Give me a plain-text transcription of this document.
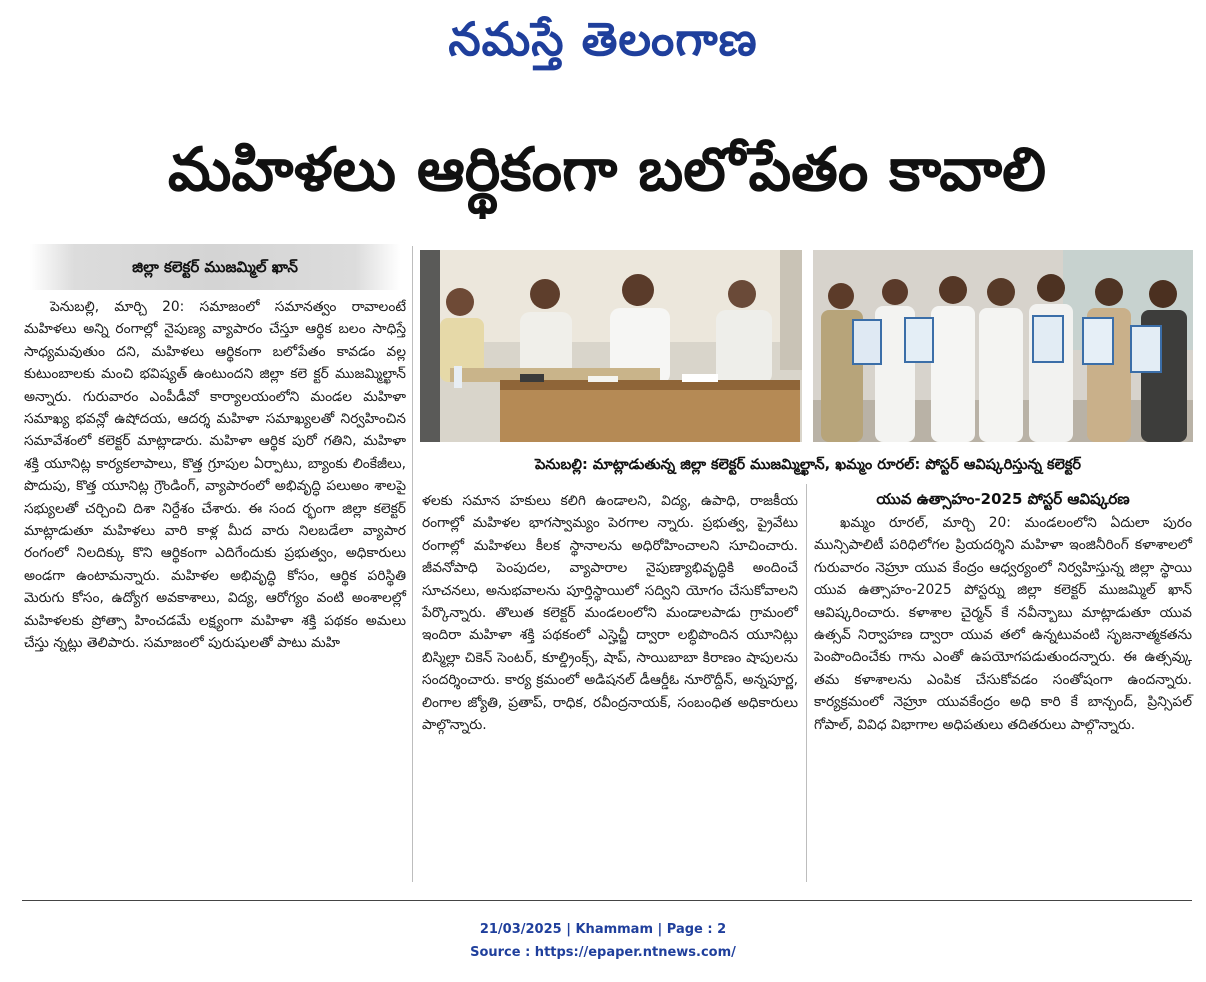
నమస్తే తెలంగాణ
మహిళలు ఆర్థికంగా బలోపేతం కావాలి
జిల్లా కలెక్టర్ ముజమ్మిల్ ఖాన్
పెనుబల్లి, మార్చి 20: సమాజంలో సమానత్వం రావాలంటే మహిళలు అన్ని రంగాల్లో నైపుణ్య వ్యాపారం చేస్తూ ఆర్థిక బలం సాధిస్తే సాధ్యమవుతుం దని, మహిళలు ఆర్థికంగా బలోపేతం కావడం వల్ల కుటుంబాలకు మంచి భవిష్యత్ ఉంటుందని జిల్లా కలె క్టర్ ముజమ్మిల్ఖాన్ అన్నారు. గురువారం ఎంపీడీవో కార్యాలయంలోని మండల మహిళా సమాఖ్య భవన్లో ఉషోదయ, ఆదర్శ మహిళా సమాఖ్యలతో నిర్వహించిన సమావేశంలో కలెక్టర్ మాట్లాడారు. మహిళా ఆర్థిక పురో గతిని, మహిళా శక్తి యూనిట్ల కార్యకలాపాలు, కొత్త గ్రూపుల ఏర్పాటు, బ్యాంకు లింకేజీలు, పొదుపు, కొత్త యూనిట్ల గ్రౌండింగ్, వ్యాపారంలో అభివృద్ధి పలుఅం శాలపై సభ్యులతో చర్చించి దిశా నిర్దేశం చేశారు. ఈ సంద ర్భంగా జిల్లా కలెక్టర్ మాట్లాడుతూ మహిళలు వారి కాళ్ల మీద వారు నిలబడేలా వ్యాపార రంగంలో నిలదిక్కు కొని ఆర్థికంగా ఎదిగేందుకు ప్రభుత్వం, అధికారులు అండగా ఉంటామన్నారు. మహిళల అభివృద్ధి కోసం, ఆర్థిక పరిస్థితి మెరుగు కోసం, ఉద్యోగ అవకాశాలు, విద్య, ఆరోగ్యం వంటి అంశాలల్లో మహిళలకు ప్రోత్సా హించడమే లక్ష్యంగా మహిళా శక్తి పథకం అమలు చేస్తు న్నట్లు తెలిపారు. సమాజంలో పురుషులతో పాటు మహి
పెనుబల్లి: మాట్లాడుతున్న జిల్లా కలెక్టర్ ముజమ్మిల్ఖాన్, ఖమ్మం రూరల్: పోస్టర్ ఆవిష్కరిస్తున్న కలెక్టర్
ళలకు సమాన హకులు కలిగి ఉండాలని, విద్య, ఉపాధి, రాజకీయ రంగాల్లో మహిళల భాగస్వామ్యం పెరగాల న్నారు. ప్రభుత్వ, ప్రైవేటు రంగాల్లో మహిళలు కీలక స్థానాలను అధిరోహించాలని సూచించారు. జీవనోపాధి పెంపుదల, వ్యాపారాల నైపుణ్యాభివృద్ధికి అందించే సూచనలు, అనుభవాలను పూర్తిస్థాయిలో సద్విని యోగం చేసుకోవాలని పేర్కొన్నారు. తొలుత కలెక్టర్ మండలంలోని మండాలపాడు గ్రామంలో ఇందిరా మహిళా శక్తి పథకంలో ఎస్హెచ్జీ ద్వారా లబ్ధిపొందిన యూనిట్లు బిస్మిల్లా చికెన్ సెంటర్, కూల్డ్రింక్స్, షాప్, సాయిబాబా కిరాణం షాపులను సందర్శించారు. కార్య క్రమంలో అడిషనల్ డీఆర్డీఓ నూరొద్దీన్, అన్నపూర్ణ, లింగాల జ్యోతి, ప్రతాప్, రాధిక, రవీంద్రనాయక్, సంబంధిత అధికారులు పాల్గొన్నారు.
యువ ఉత్సాహం-2025 పోస్టర్ ఆవిష్కరణ
ఖమ్మం రూరల్, మార్చి 20: మండలంలోని ఏదులా పురం మున్సిపాలిటీ పరిధిలోగల ప్రియదర్శిని మహిళా ఇంజినీరింగ్ కళాశాలలో గురువారం నెహ్రూ యువ కేంద్రం ఆధ్వర్యంలో నిర్వహిస్తున్న జిల్లా స్థాయి యువ ఉత్సాహం-2025 పోస్టర్ను జిల్లా కలెక్టర్ ముజమ్మిల్ ఖాన్ ఆవిష్కరించారు. కళాశాల చైర్మన్ కే నవీన్బాబు మాట్లాడుతూ యువ ఉత్సవ్ నిర్వాహణ ద్వారా యువ తలో ఉన్నటువంటి సృజనాత్మకతను పెంపొందించేకు గాను ఎంతో ఉపయోగపడుతుందన్నారు. ఈ ఉత్సవ్కు తమ కళాశాలను ఎంపిక చేసుకోవడం సంతోషంగా ఉందన్నారు. కార్యక్రమంలో నెహ్రూ యువకేంద్రం అధి కారి కే బాన్చంద్, ప్రిన్సిపల్ గోపాల్, వివిధ విభాగాల అధిపతులు తదితరులు పాల్గొన్నారు.
21/03/2025 | Khammam | Page : 2
Source : https://epaper.ntnews.com/
